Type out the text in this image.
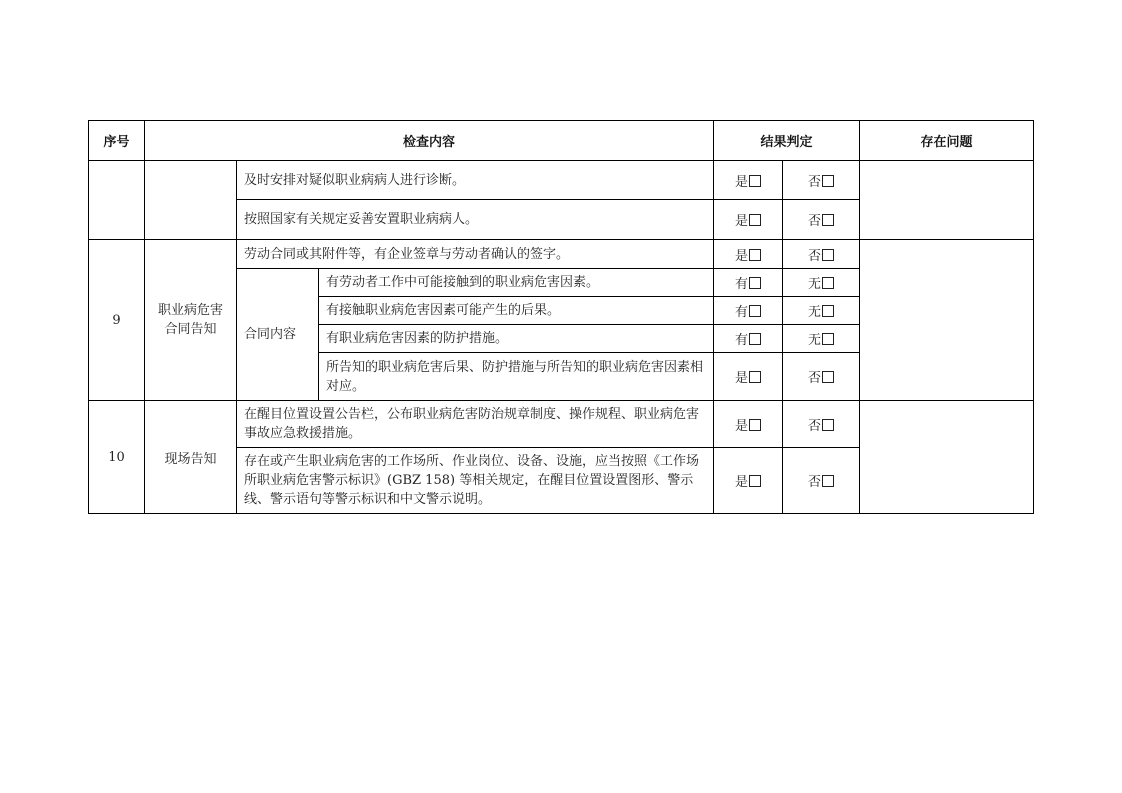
序号	检查内容			结果判定		存在问题
		及时安排对疑似职业病病人进行诊断。		是	否	
		按照国家有关规定妥善安置职业病病人。		是	否	
9	职业病危害合同告知	劳动合同或其附件等，有企业签章与劳动者确认的签字。		是	否	
		合同内容	有劳动者工作中可能接触到的职业病危害因素。	有	无	
			有接触职业病危害因素可能产生的后果。	有	无	
			有职业病危害因素的防护措施。	有	无	
			所告知的职业病危害后果、防护措施与所告知的职业病危害因素相对应。	是	否	
10	现场告知	在醒目位置设置公告栏，公布职业病危害防治规章制度、操作规程、职业病危害事故应急救援措施。		是	否	
		存在或产生职业病危害的工作场所、作业岗位、设备、设施，应当按照《工作场所职业病危害警示标识》(GBZ 158) 等相关规定，在醒目位置设置图形、警示线、警示语句等警示标识和中文警示说明。		是	否	
